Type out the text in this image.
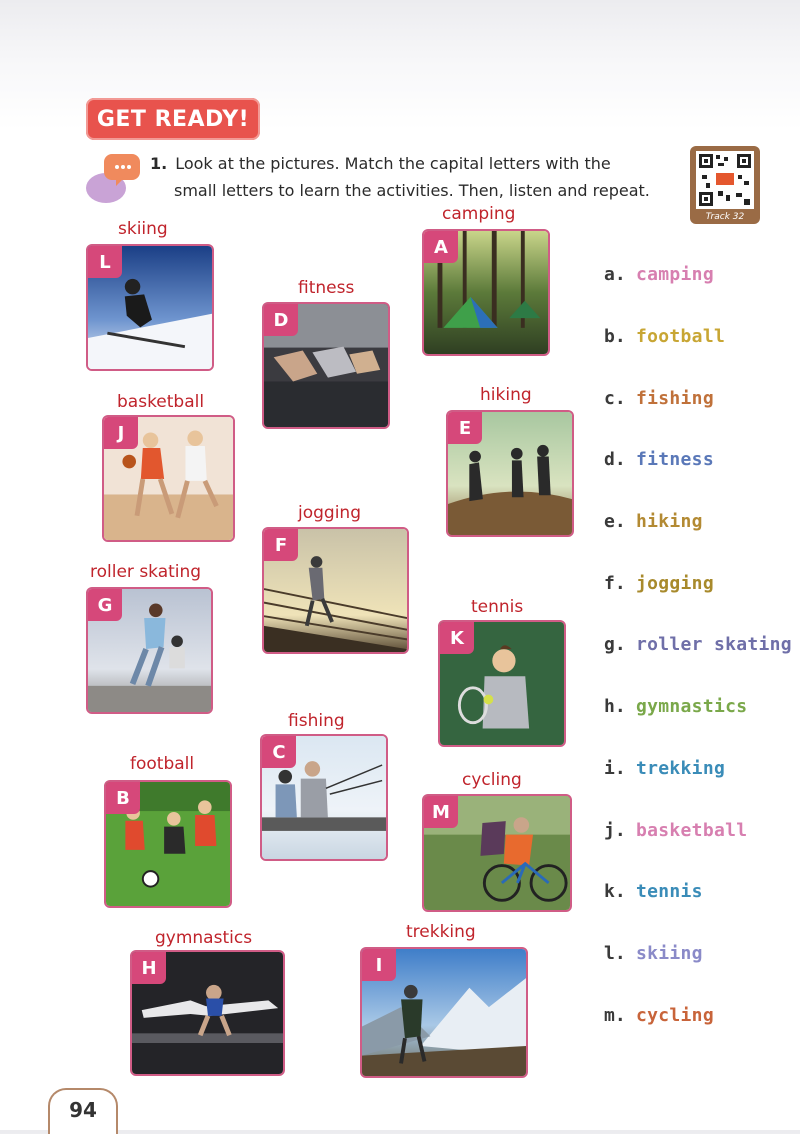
GET READY!
1. Look at the pictures. Match the capital letters with the
small letters to learn the activities. Then, listen and repeat.
Track 32
skiing
L
fitness
D
camping
A
basketball
J
hiking
E
jogging
F
roller skating
G	tennis
K
fishing
C
football
B
cycling
M
gymnastics
H
trekking
I
a. camping
b. football
c. fishing
d. fitness
e. hiking
f. jogging
g. roller skating
h. gymnastics
i. trekking
j. basketball
k. tennis
l. skiing
m. cycling
94
